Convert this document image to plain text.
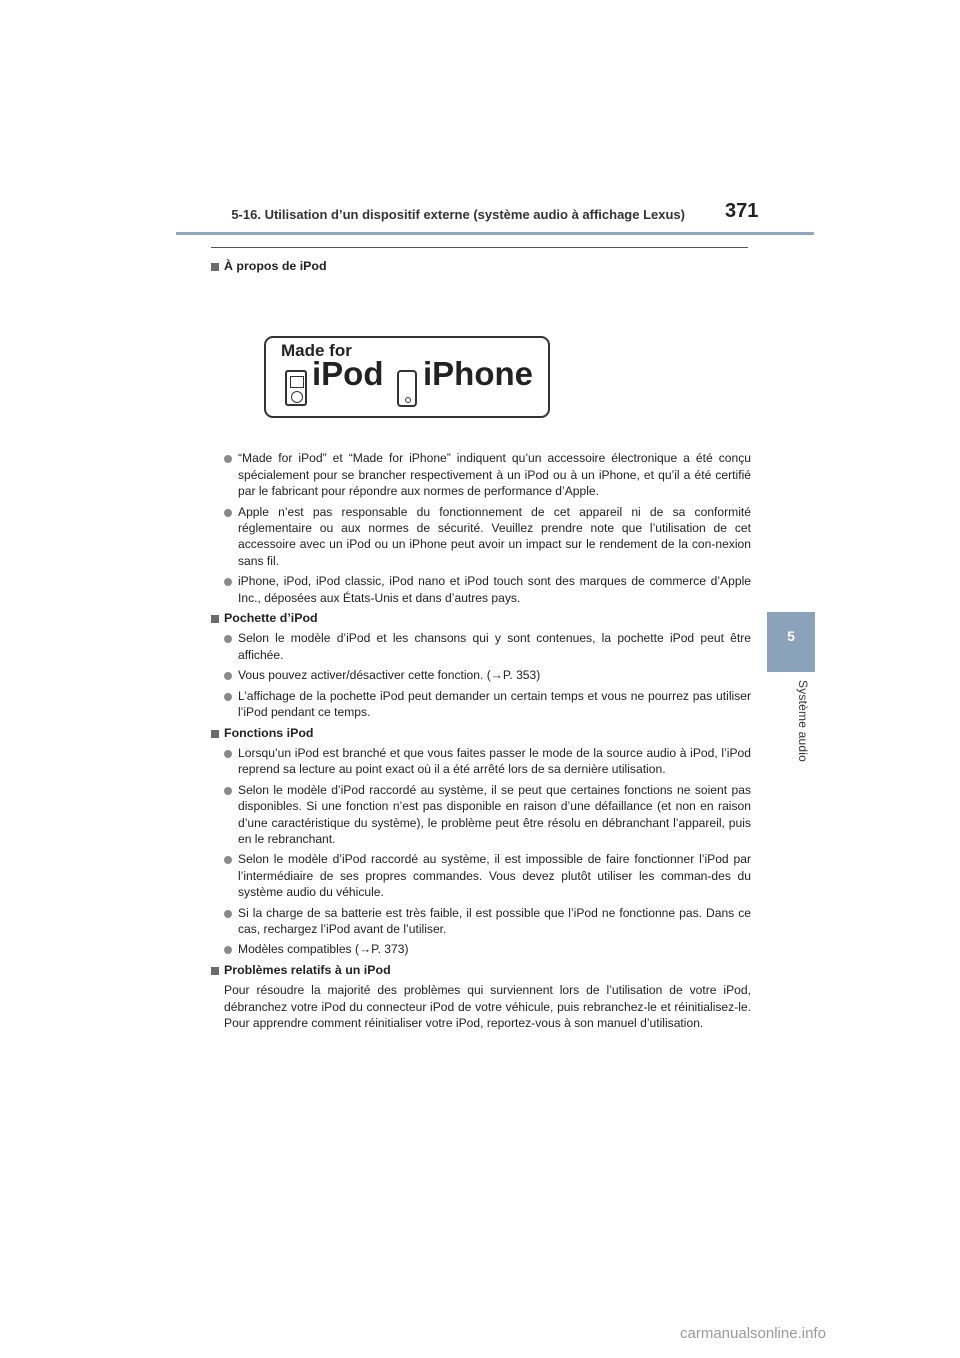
5-16. Utilisation d’un dispositif externe (système audio à affichage Lexus) 371
5
Système audio
À propos de iPod
Made for
iPod iPhone
“Made for iPod” et “Made for iPhone” indiquent qu’un accessoire électronique a été conçu spécialement pour se brancher respectivement à un iPod ou à un iPhone, et qu’il a été certifié par le fabricant pour répondre aux normes de performance d’Apple.
Apple n’est pas responsable du fonctionnement de cet appareil ni de sa conformité réglementaire ou aux normes de sécurité. Veuillez prendre note que l’utilisation de cet accessoire avec un iPod ou un iPhone peut avoir un impact sur le rendement de la con-nexion sans fil.
iPhone, iPod, iPod classic, iPod nano et iPod touch sont des marques de commerce d’Apple Inc., déposées aux États-Unis et dans d’autres pays.
Pochette d’iPod
Selon le modèle d’iPod et les chansons qui y sont contenues, la pochette iPod peut être affichée.
Vous pouvez activer/désactiver cette fonction. (→P. 353)
L’affichage de la pochette iPod peut demander un certain temps et vous ne pourrez pas utiliser l’iPod pendant ce temps.
Fonctions iPod
Lorsqu’un iPod est branché et que vous faites passer le mode de la source audio à iPod, l’iPod reprend sa lecture au point exact où il a été arrêté lors de sa dernière utilisation.
Selon le modèle d’iPod raccordé au système, il se peut que certaines fonctions ne soient pas disponibles. Si une fonction n’est pas disponible en raison d’une défaillance (et non en raison d’une caractéristique du système), le problème peut être résolu en débranchant l’appareil, puis en le rebranchant.
Selon le modèle d’iPod raccordé au système, il est impossible de faire fonctionner l’iPod par l’intermédiaire de ses propres commandes. Vous devez plutôt utiliser les comman-des du système audio du véhicule.
Si la charge de sa batterie est très faible, il est possible que l’iPod ne fonctionne pas. Dans ce cas, rechargez l’iPod avant de l’utiliser.
Modèles compatibles (→P. 373)
Problèmes relatifs à un iPod
Pour résoudre la majorité des problèmes qui surviennent lors de l’utilisation de votre iPod, débranchez votre iPod du connecteur iPod de votre véhicule, puis rebranchez-le et réinitialisez-le. Pour apprendre comment réinitialiser votre iPod, reportez-vous à son manuel d’utilisation.
carmanualsonline.info
